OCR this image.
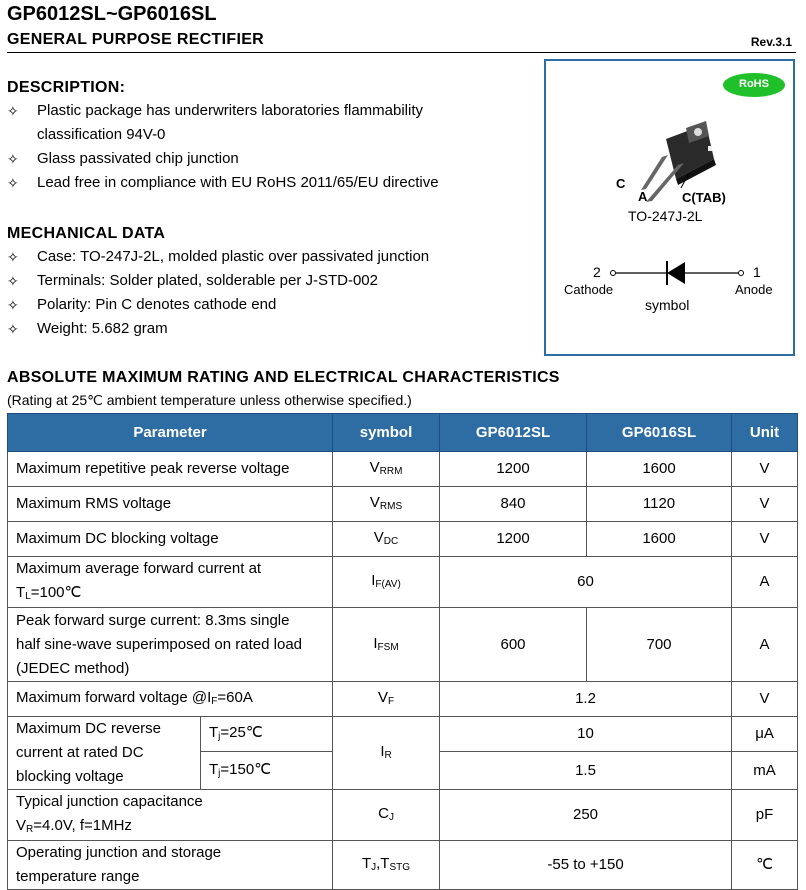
GP6012SL~GP6016SL
GENERAL PURPOSE RECTIFIER	Rev.3.1
DESCRIPTION:
✧ Plastic package has underwriters laboratories flammability
classification 94V-0
✧ Glass passivated chip junction
✧ Lead free in compliance with EU RoHS 2011/65/EU directive
MECHANICAL DATA
✧ Case: TO-247J-2L, molded plastic over passivated junction
✧ Terminals: Solder plated, solderable per J-STD-002
✧ Polarity: Pin C denotes cathode end
✧ Weight: 5.682 gram
RoHS
C
A	C(TAB)
TO-247J-2L
2
Cathode
1
Anode
symbol
ABSOLUTE MAXIMUM RATING AND ELECTRICAL CHARACTERISTICS
(Rating at 25℃ ambient temperature unless otherwise specified.)
Parameter		symbol	GP6012SL	GP6016SL	Unit
Maximum repetitive peak reverse voltage		$V_{RRM}$	1200	1600	V
Maximum RMS voltage		$V_{RMS}$	840	1120	V
Maximum DC blocking voltage		$V_{DC}$	1200	1600	V
Maximum average forward current at
$T_L=100℃$		$I_{F(AV)}$	60		A
Peak forward surge current: 8.3ms single
half sine-wave superimposed on rated load
(JEDEC method)		$I_{FSM}$	600	700	A
Maximum forward voltage $@I_F=60A$		$V_F$	1.2		V
Maximum DC reverse
current at rated DC
blocking voltage	$T_j=25℃$	$I_R$	10		μA
	$T_j=150℃$		1.5		mA
Typical junction capacitance
$V_R=4.0V$, f=1MHz		$C_J$	250		pF
Operating junction and storage
temperature range		$T_J,T_{STG}$	-55 to +150		℃
